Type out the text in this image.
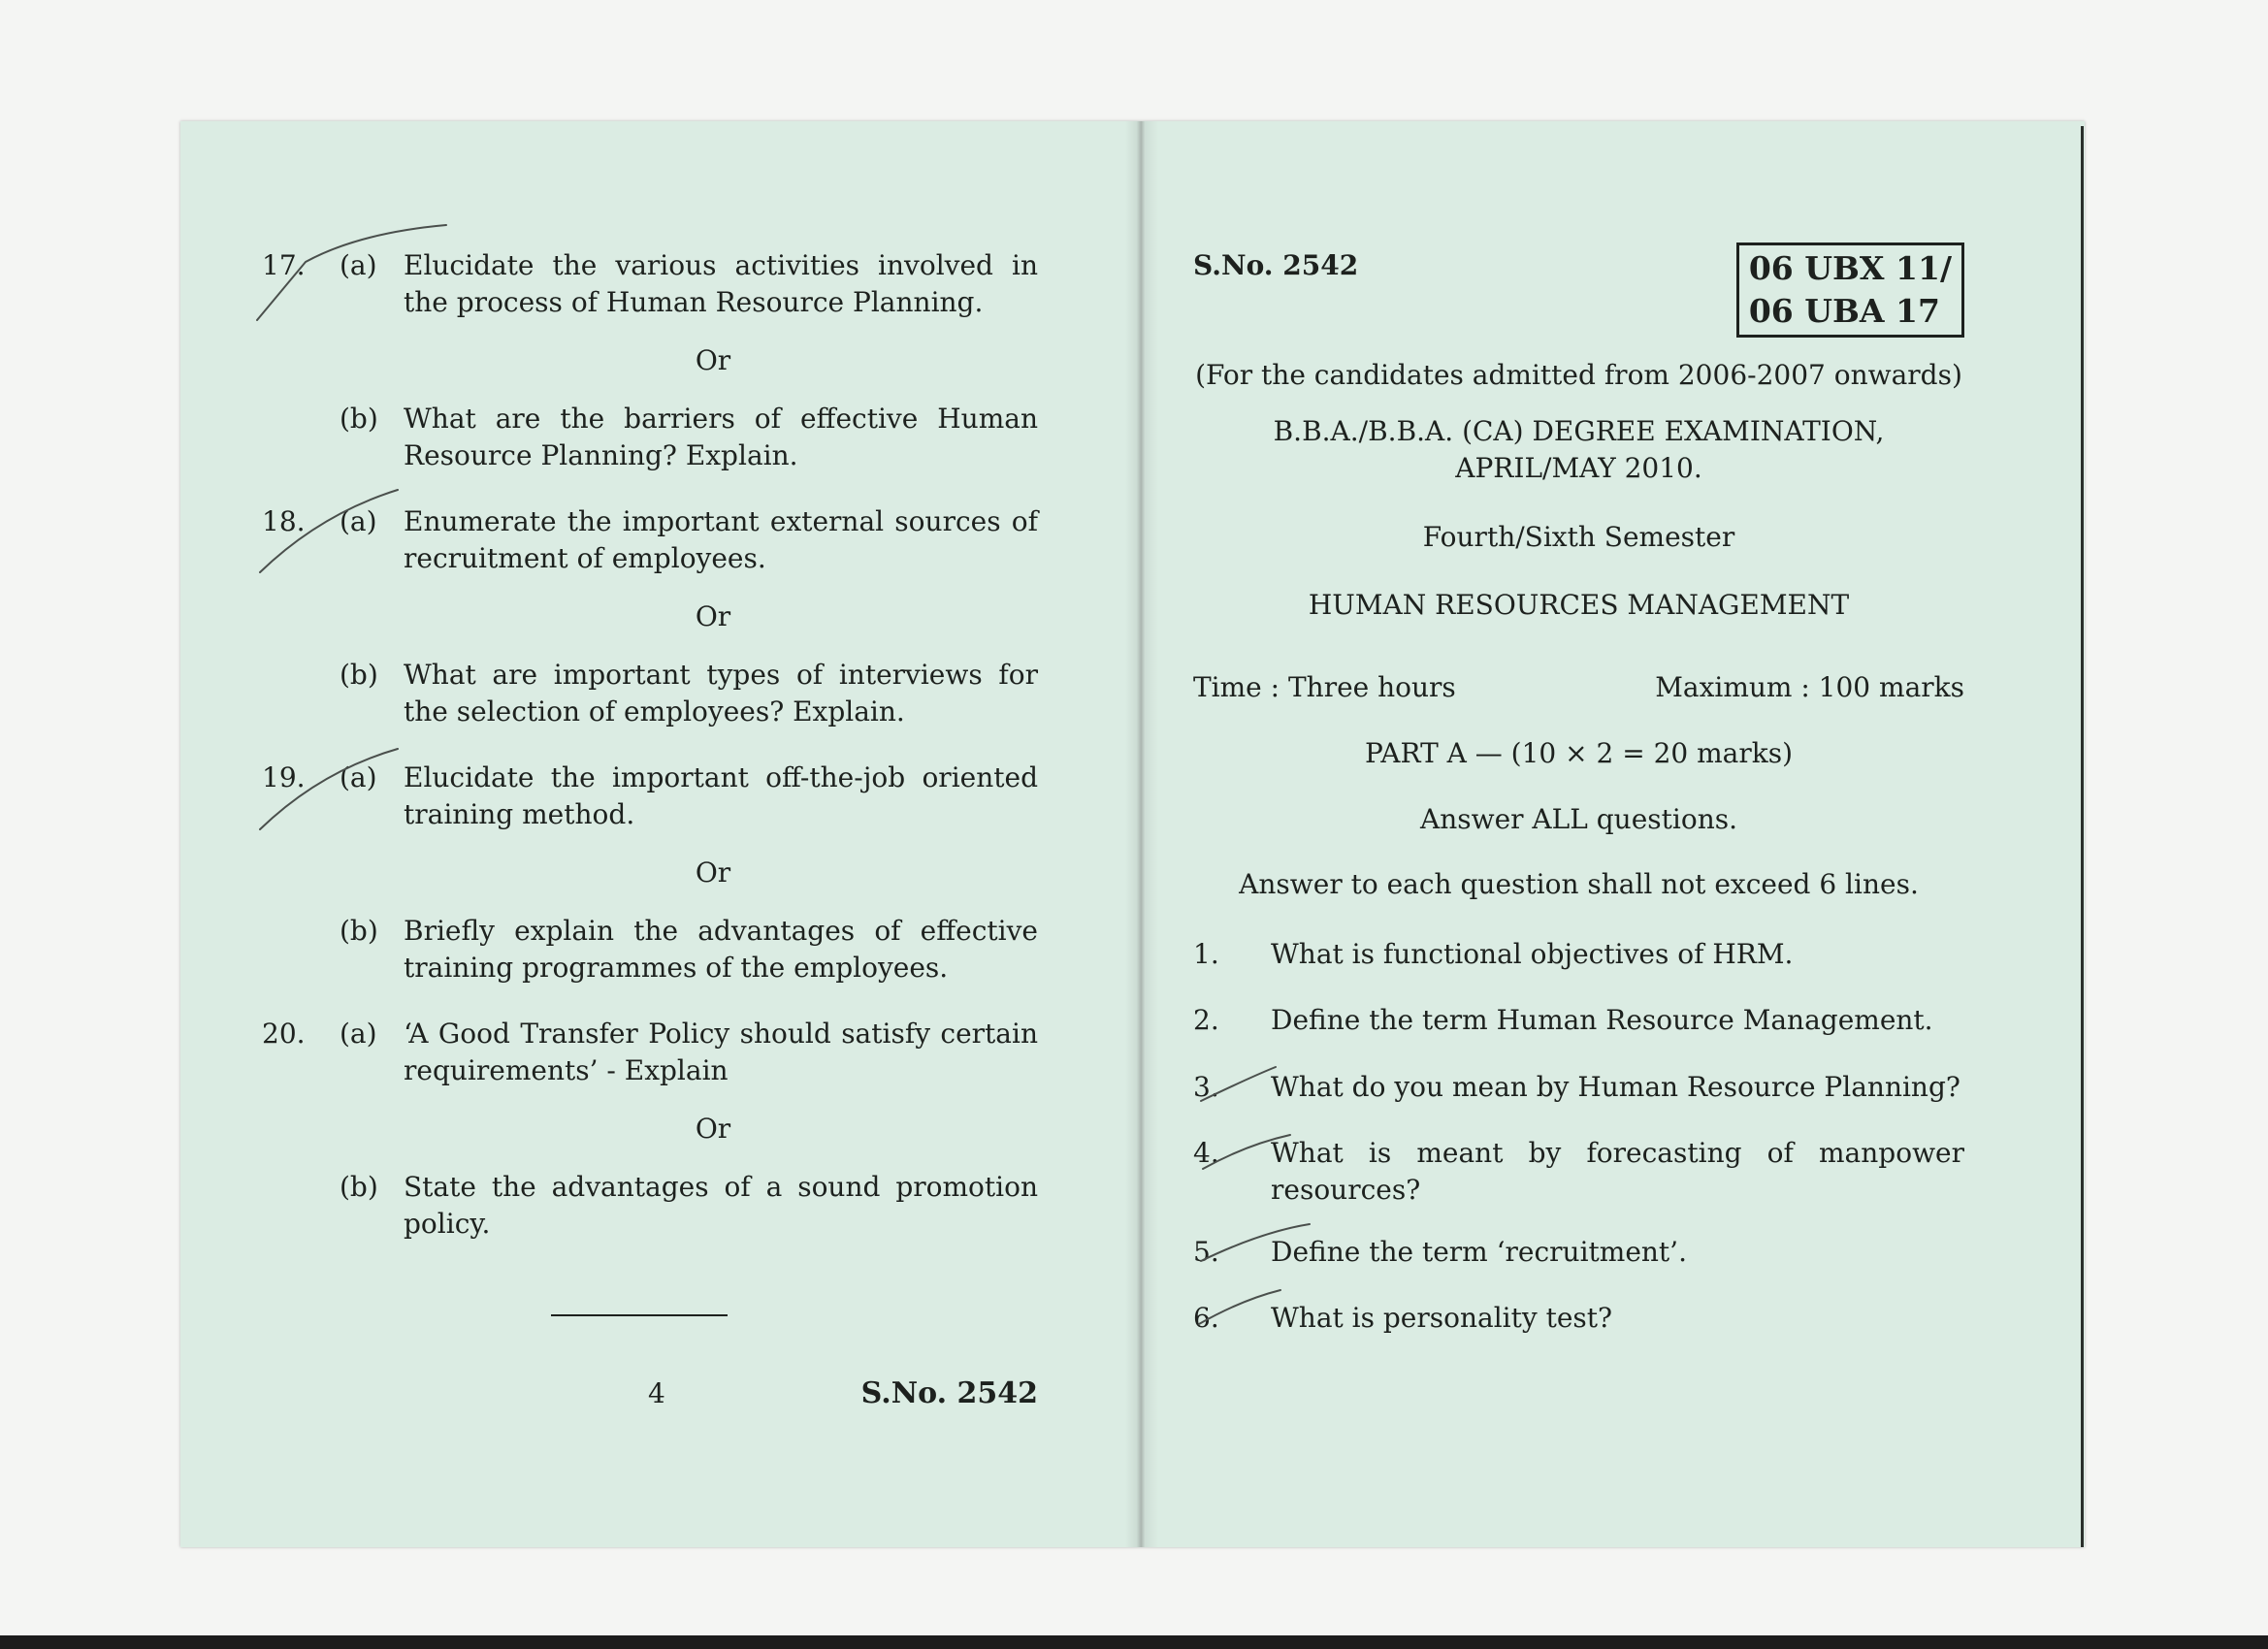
17.	(a) Elucidate the various activities involved in the process of Human Resource Planning.
Or
(b) What are the barriers of effective Human Resource Planning? Explain.
18.	(a) Enumerate the important external sources of recruitment of employees.
Or
(b) What are important types of interviews for the selection of employees? Explain.
19.	(a) Elucidate the important off-the-job oriented training method.
Or
(b) Briefly explain the advantages of effective training programmes of the employees.
20.	(a) ‘A Good Transfer Policy should satisfy certain requirements’ - Explain
Or
(b) State the advantages of a sound promotion policy.
4	S.No. 2542
S.No. 2542	06 UBX 11/
06 UBA 17
(For the candidates admitted from 2006-2007 onwards)
B.B.A./B.B.A. (CA) DEGREE EXAMINATION,
APRIL/MAY 2010.
Fourth/Sixth Semester
HUMAN RESOURCES MANAGEMENT
Time : Three hours	Maximum : 100 marks
PART A — (10 × 2 = 20 marks)
Answer ALL questions.
Answer to each question shall not exceed 6 lines.
1.	What is functional objectives of HRM.
2.	Define the term Human Resource Management.
3.	What do you mean by Human Resource Planning?
4.	What is meant by forecasting of manpower resources?
5.	Define the term ‘recruitment’.
6.	What is personality test?
